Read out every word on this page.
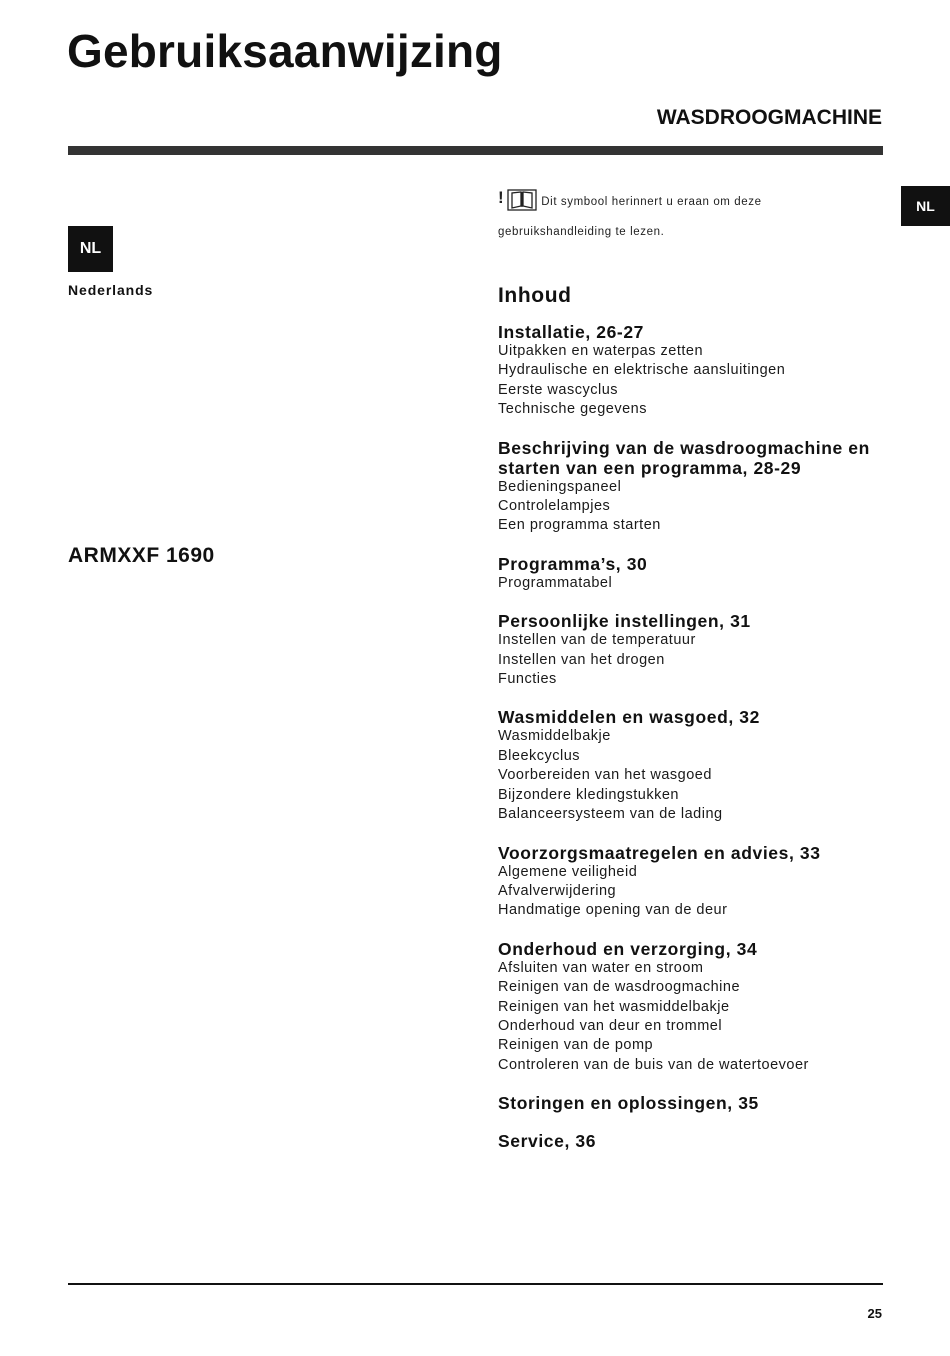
Gebruiksaanwijzing
WASDROOGMACHINE
NL
NL
Nederlands
ARMXXF 1690
!	Dit symbool herinnert u eraan om deze gebruikshandleiding te lezen.
Inhoud
Installatie, 26-27
Uitpakken en waterpas zetten
Hydraulische en elektrische aansluitingen
Eerste wascyclus
Technische gegevens
Beschrijving van de wasdroogmachine en starten van een programma, 28-29
Bedieningspaneel
Controlelampjes
Een programma starten
Programma’s, 30
Programmatabel
Persoonlijke instellingen, 31
Instellen van de temperatuur
Instellen van het drogen
Functies
Wasmiddelen en wasgoed, 32
Wasmiddelbakje
Bleekcyclus
Voorbereiden van het wasgoed
Bijzondere kledingstukken
Balanceersysteem van de lading
Voorzorgsmaatregelen en advies, 33
Algemene veiligheid
Afvalverwijdering
Handmatige opening van de deur
Onderhoud en verzorging, 34
Afsluiten van water en stroom
Reinigen van de wasdroogmachine
Reinigen van het wasmiddelbakje
Onderhoud van deur en trommel
Reinigen van de pomp
Controleren van de buis van de watertoevoer
Storingen en oplossingen, 35
Service, 36
25
